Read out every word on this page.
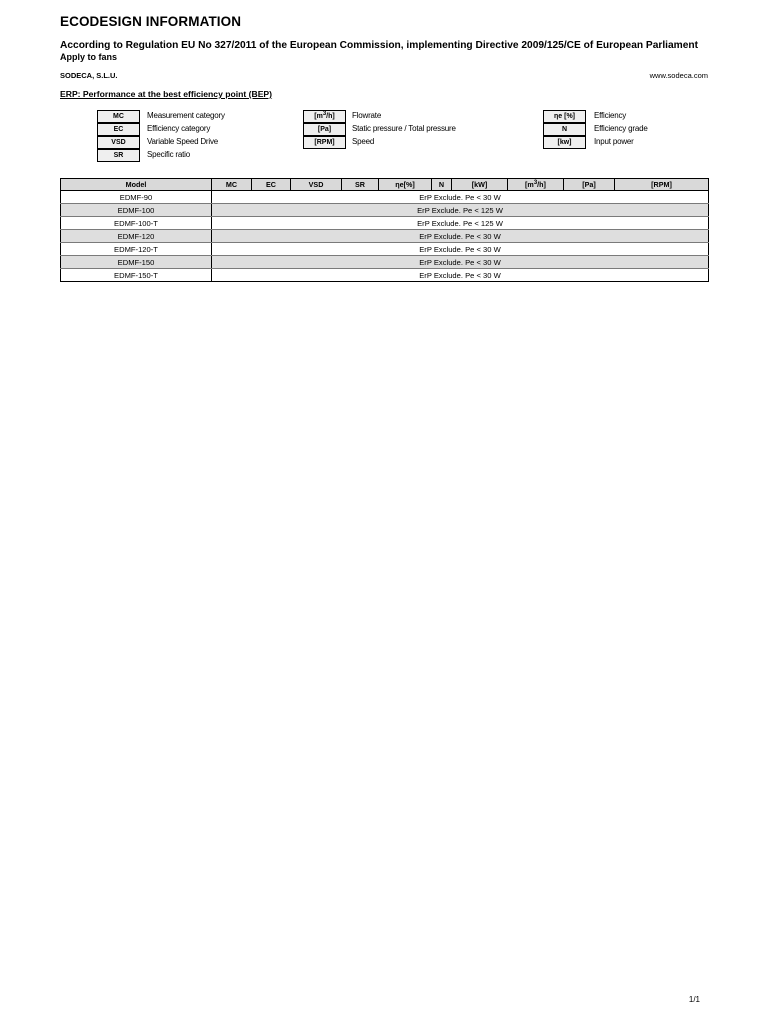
ECODESIGN INFORMATION
According to Regulation EU No 327/2011 of the European Commission, implementing Directive 2009/125/CE of European Parliament
Apply to fans
SODECA, S.L.U.	www.sodeca.com
ERP: Performance at the best efficiency point (BEP)
MC	Measurement category
EC	Efficiency category
VSD	Variable Speed Drive
SR	Specific ratio
$[m^3/h]$	Flowrate
[Pa]	Static pressure / Total pressure
[RPM]	Speed
ηe [%]	Efficiency
N	Efficiency grade
[kw]	Input power
Model	MC	EC	VSD	SR	ηe[%]	N	[kW]	$[m^3/h]$	[Pa]	[RPM]
EDMF-90	ErP Exclude. Pe < 30 W									
EDMF-100	ErP Exclude. Pe < 125 W									
EDMF-100-T	ErP Exclude. Pe < 125 W									
EDMF-120	ErP Exclude. Pe < 30 W									
EDMF-120-T	ErP Exclude. Pe < 30 W									
EDMF-150	ErP Exclude. Pe < 30 W									
EDMF-150-T	ErP Exclude. Pe < 30 W									
1/1
